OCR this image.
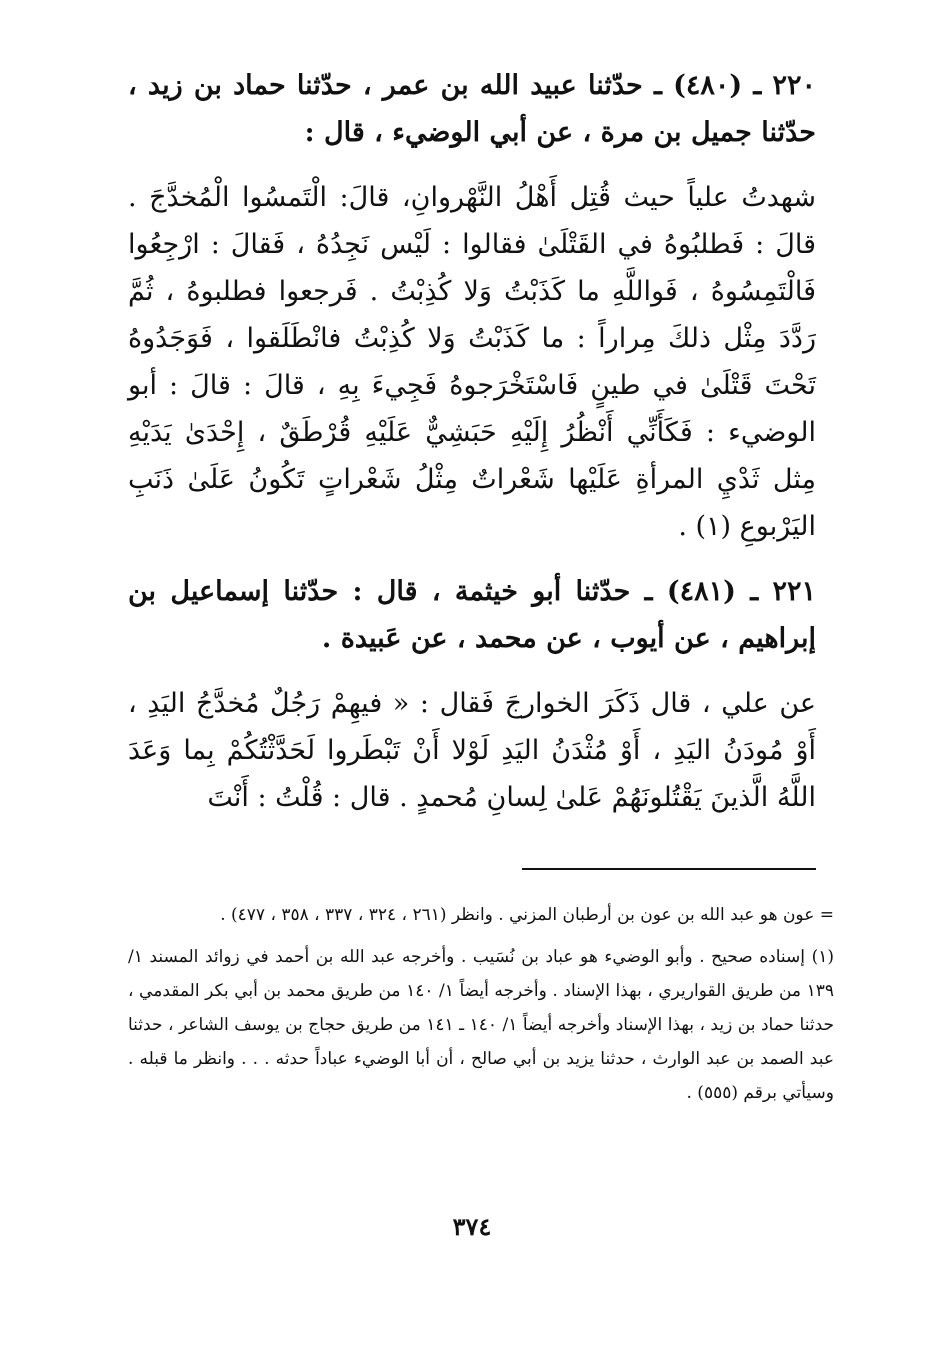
٢٢٠ ـ (٤٨٠) ـ حدّثنا عبيد الله بن عمر ، حدّثنا حماد بن زيد ، حدّثنا جميل بن مرة ، عن أبي الوضيء ، قال :

شهدتُ علياً حيث قُتِل أَهْلُ النَّهْروانِ، قالَ: الْتَمسُوا الْمُخدَّجَ . قالَ : فَطلبُوهُ في القَتْلَىٰ فقالوا : لَيْس نَجِدُهُ ، فَقالَ : ارْجِعُوا فَالْتَمِسُوهُ ، فَواللَّهِ ما كَذَبْتُ وَلا كُذِبْتُ . فَرجعوا فطلبوهُ ، ثُمَّ رَدَّدَ مِثْل ذلكَ مِراراً : ما كَذَبْتُ وَلا كُذِبْتُ فانْطَلَقوا ، فَوَجَدُوهُ تَحْتَ قَتْلَىٰ في طينٍ فَاسْتَخْرَجوهُ فَجِيءَ بِهِ ، قالَ : قالَ : أبو الوضيء : فَكَأَنِّي أَنْظُرُ إِلَيْهِ حَبَشِيٌّ عَلَيْهِ قُرْطَقٌ ، إِحْدَىٰ يَدَيْهِ مِثل ثَدْيِ المرأةِ عَلَيْها شَعْراتٌ مِثْلُ شَعْراتٍ تَكُونُ عَلَىٰ ذَنَبِ اليَرْبوعِ (١) .

٢٢١ ـ (٤٨١) ـ حدّثنا أبو خيثمة ، قال : حدّثنا إسماعيل بن إبراهيم ، عن أيوب ، عن محمد ، عن عَبيدة .

عن علي ، قال ذَكَرَ الخوارجَ فَقال : « فيهِمْ رَجُلٌ مُخدَّجُ اليَدِ ، أَوْ مُودَنُ اليَدِ ، أَوْ مُثْدَنُ اليَدِ لَوْلا أَنْ تَبْطَروا لَحَدَّثْتُكُمْ بِما وَعَدَ اللَّهُ الَّذينَ يَقْتُلونَهُمْ عَلىٰ لِسانِ مُحمدٍ . قال : قُلْتُ : أَنْتَ

= عون هو عبد الله بن عون بن أرطبان المزني . وانظر (٢٦١ ، ٣٢٤ ، ٣٣٧ ، ٣٥٨ ، ٤٧٧) .

(١) إسناده صحيح . وأبو الوضيء هو عباد بن نُسَيب . وأخرجه عبد الله بن أحمد في زوائد المسند ١/ ١٣٩ من طريق القواريري ، بهذا الإسناد . وأخرجه أيضاً ١/ ١٤٠ من طريق محمد بن أبي بكر المقدمي ، حدثنا حماد بن زيد ، بهذا الإسناد وأخرجه أيضاً ١/ ١٤٠ ـ ١٤١ من طريق حجاج بن يوسف الشاعر ، حدثنا عبد الصمد بن عبد الوارث ، حدثنا يزيد بن أبي صالح ، أن أبا الوضيء عباداً حدثه . . . وانظر ما قبله . وسيأتي برقم (٥٥٥) .

٣٧٤
